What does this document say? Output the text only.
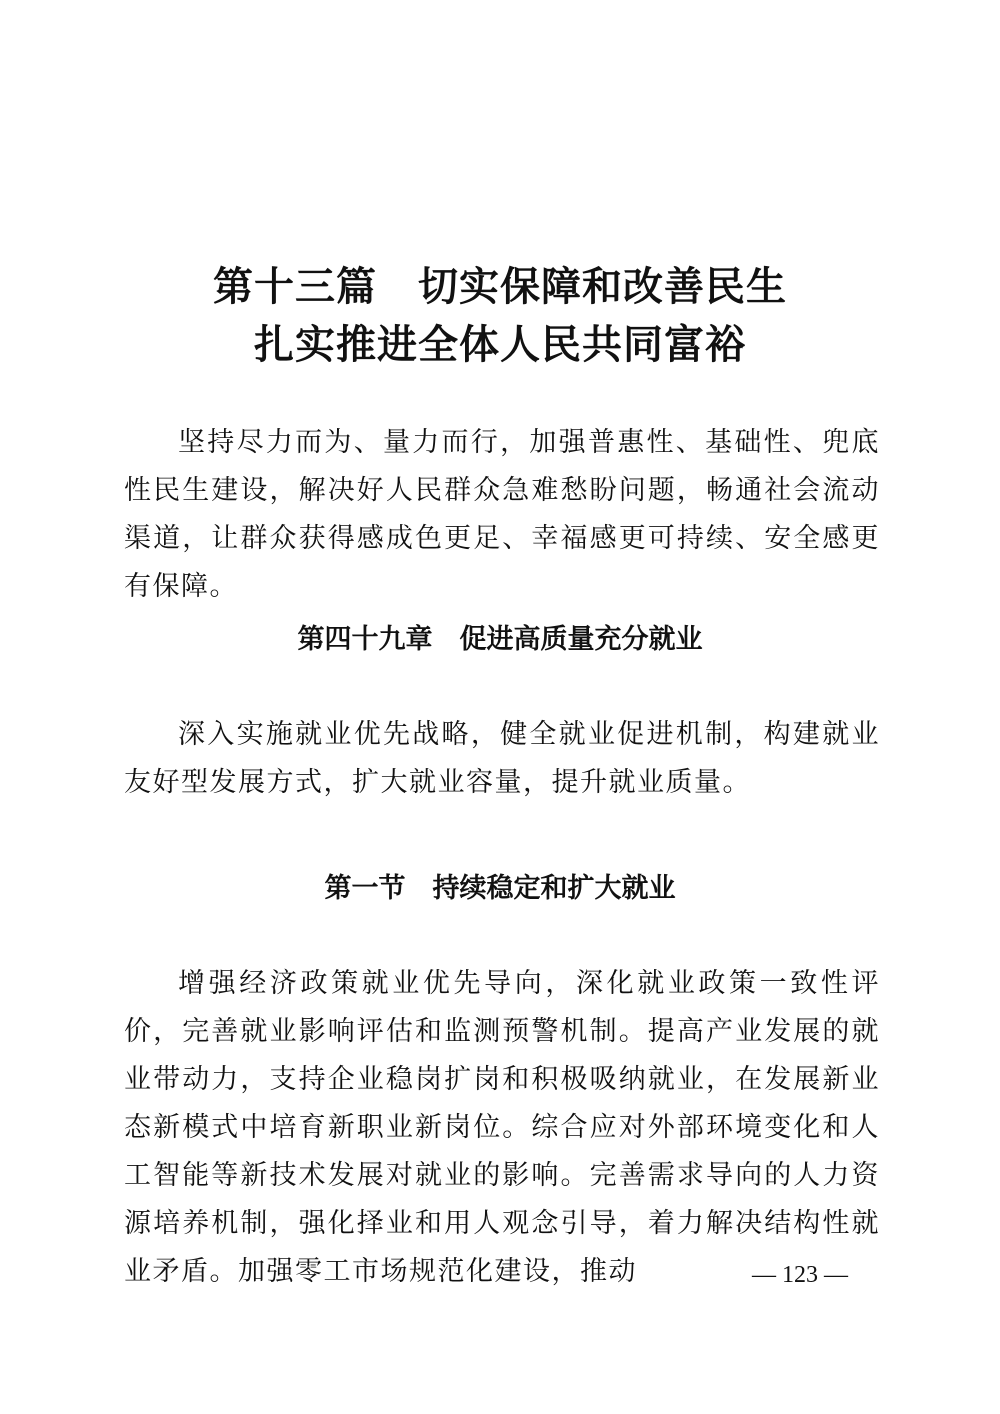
第十三篇　切实保障和改善民生
扎实推进全体人民共同富裕

坚持尽力而为、量力而行，加强普惠性、基础性、兜底性民生建设，解决好人民群众急难愁盼问题，畅通社会流动渠道，让群众获得感成色更足、幸福感更可持续、安全感更有保障。

第四十九章　促进高质量充分就业

深入实施就业优先战略，健全就业促进机制，构建就业友好型发展方式，扩大就业容量，提升就业质量。

第一节　持续稳定和扩大就业

增强经济政策就业优先导向，深化就业政策一致性评价，完善就业影响评估和监测预警机制。提高产业发展的就业带动力，支持企业稳岗扩岗和积极吸纳就业，在发展新业态新模式中培育新职业新岗位。综合应对外部环境变化和人工智能等新技术发展对就业的影响。完善需求导向的人力资源培养机制，强化择业和用人观念引导，着力解决结构性就业矛盾。加强零工市场规范化建设，推动	— 123 —
